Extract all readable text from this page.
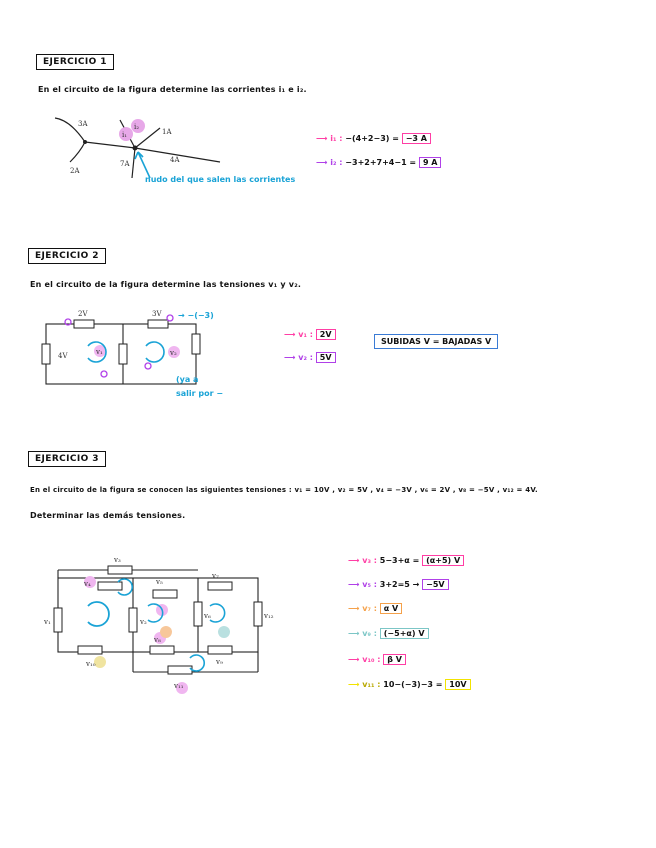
EJERCICIO 1
En el circuito de la figura determine las corrientes i₁ e i₂.
3A
2A
7A
1A
4A
i₁
i₂
nudo del que salen las corrientes
⟶ i₁ : −(4+2−3) = −3 A
⟶ i₂ : −3+2+7+4−1 = 9 A
EJERCICIO 2
En el circuito de la figura determine las tensiones v₁ y v₂.
2V	3V
4V	v₁	v₂
→ −(−3)
(ya a
salir por −
⟶ v₁ : 2V
⟶ v₂ : 5V
SUBIDAS V = BAJADAS V
EJERCICIO 3
En el circuito de la figura se conocen las siguientes tensiones : v₁ = 10V , v₂ = 5V , v₄ = −3V , v₆ = 2V , v₈ = −5V , v₁₂ = 4V.
Determinar las demás tensiones.
v₃
v₅
v₇
v₉
v₁₀
v₁₁
v₁	v₂
v₄
v₆
v₈
v₁₂
⟶ v₃ : 5−3+α = (α+5) V
⟶ v₅ : 3+2=5 → −5V
⟶ v₇ : α V
⟶ v₉ : (−5+α) V
⟶ v₁₀ : β V
⟶ v₁₁ : 10−(−3)−3 = 10V
